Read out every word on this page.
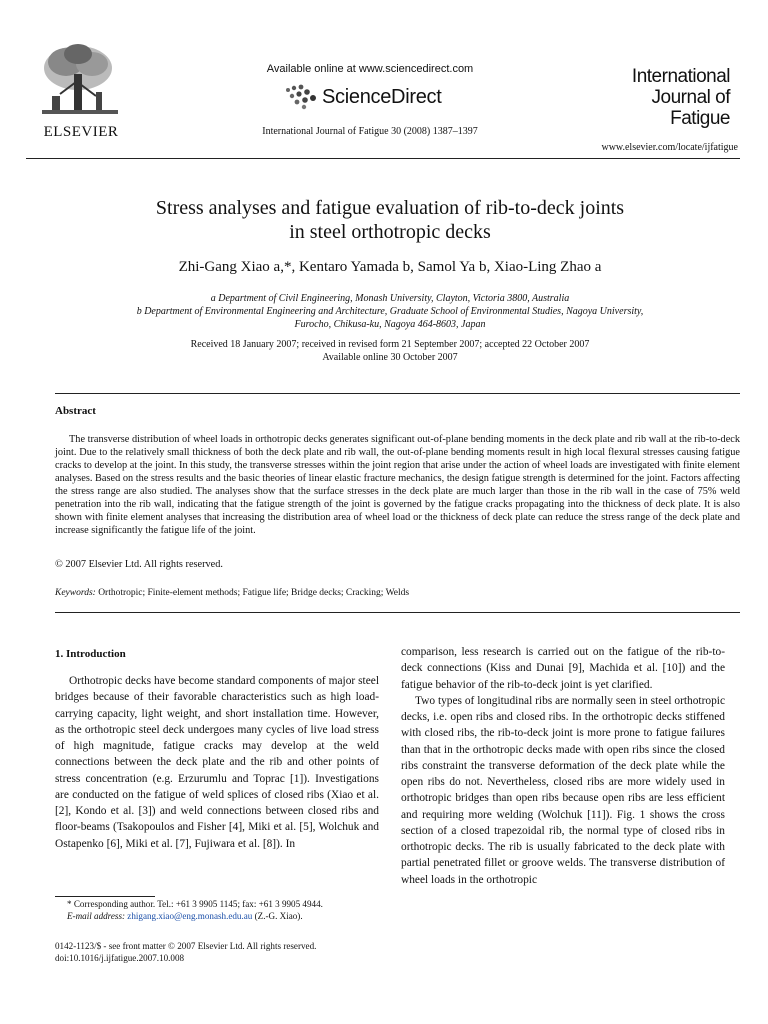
ELSEVIER
Available online at www.sciencedirect.com
ScienceDirect
International Journal of Fatigue 30 (2008) 1387–1397
International
Journal of
Fatigue
www.elsevier.com/locate/ijfatigue
Stress analyses and fatigue evaluation of rib-to-deck joints
in steel orthotropic decks
Zhi-Gang Xiao a,*, Kentaro Yamada b, Samol Ya b, Xiao-Ling Zhao a
a Department of Civil Engineering, Monash University, Clayton, Victoria 3800, Australia
b Department of Environmental Engineering and Architecture, Graduate School of Environmental Studies, Nagoya University,
Furocho, Chikusa-ku, Nagoya 464-8603, Japan
Received 18 January 2007; received in revised form 21 September 2007; accepted 22 October 2007
Available online 30 October 2007
Abstract
The transverse distribution of wheel loads in orthotropic decks generates significant out-of-plane bending moments in the deck plate and rib wall at the rib-to-deck joint. Due to the relatively small thickness of both the deck plate and rib wall, the out-of-plane bending moments result in high local flexural stresses causing fatigue cracks to develop at the joint. In this study, the transverse stresses within the joint region that arise under the action of wheel loads are investigated with finite element analyses. Based on the stress results and the basic theories of linear elastic fracture mechanics, the design fatigue strength is determined for the joint. Factors affecting the stress range are also studied. The analyses show that the surface stresses in the deck plate are much larger than those in the rib wall in the case of 75% weld penetration into the rib wall, indicating that the fatigue strength of the joint is governed by the fatigue cracks propagating into the thickness of deck plate. It is also shown with finite element analyses that increasing the distribution area of wheel load or the thickness of deck plate can reduce the stress range of the deck plate and increase significantly the fatigue life of the joint.
© 2007 Elsevier Ltd. All rights reserved.
Keywords: Orthotropic; Finite-element methods; Fatigue life; Bridge decks; Cracking; Welds
1. Introduction

Orthotropic decks have become standard components of major steel bridges because of their favorable characteristics such as high load-carrying capacity, light weight, and short installation time. However, as the orthotropic steel deck undergoes many cycles of live load stress of high magnitude, fatigue cracks may develop at the weld connections between the deck plate and the rib and other points of stress concentration (e.g. Erzurumlu and Toprac [1]). Investigations are conducted on the fatigue of weld splices of closed ribs (Xiao et al. [2], Kondo et al. [3]) and weld connections between closed ribs and floor-beams (Tsakopoulos and Fisher [4], Miki et al. [5], Wolchuk and Ostapenko [6], Miki et al. [7], Fujiwara et al. [8]). In

* Corresponding author. Tel.: +61 3 9905 1145; fax: +61 3 9905 4944.
E-mail address: zhigang.xiao@eng.monash.edu.au (Z.-G. Xiao).
0142-1123/$ - see front matter © 2007 Elsevier Ltd. All rights reserved.
doi:10.1016/j.ijfatigue.2007.10.008

comparison, less research is carried out on the fatigue of the rib-to-deck connections (Kiss and Dunai [9], Machida et al. [10]) and the fatigue behavior of the rib-to-deck joint is yet clarified.

Two types of longitudinal ribs are normally seen in steel orthotropic decks, i.e. open ribs and closed ribs. In the orthotropic decks stiffened with closed ribs, the rib-to-deck joint is more prone to fatigue failures than that in the orthotropic decks made with open ribs since the closed ribs constraint the transverse deformation of the deck plate while the open ribs do not. Nevertheless, closed ribs are more widely used in orthotropic bridges than open ribs because open ribs are less efficient and requiring more welding (Wolchuk [11]). Fig. 1 shows the cross section of a closed trapezoidal rib, the normal type of closed ribs in orthotropic decks. The rib is usually fabricated to the deck plate with partial penetrated fillet or groove welds. The transverse distribution of wheel loads in the orthotropic
